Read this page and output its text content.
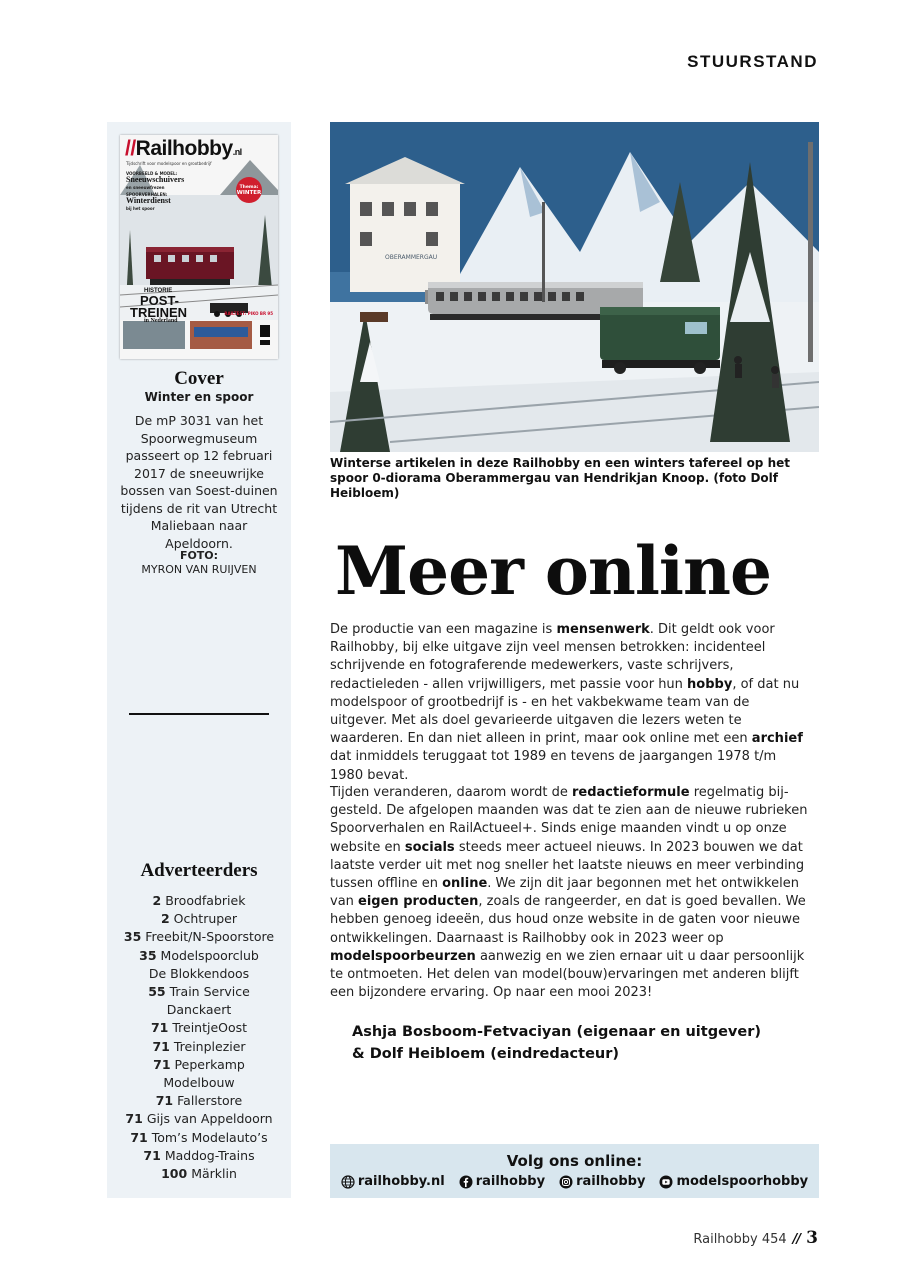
STUURSTAND
//Railhobby.nl
Tijdschrift voor modelspoor en grootbedrijf
VOORBEELD & MODEL:
Sneeuwschuivers
en sneeuwfrezen
SPOORVERHALEN:
Winterdienst
bij het spoor
Thema:
WINTER
HISTORIE
POST-
TREINEN
in Nederland
RAILTEST: PIKO BR 95
Cover
Winter en spoor
De mP 3031 van het Spoorwegmuseum passeert op 12 februari 2017 de sneeuwrijke bossen van Soest-duinen tijdens de rit van Utrecht Maliebaan naar Apeldoorn.
FOTO:
MYRON VAN RUIJVEN
Adverteerders
2 Broodfabriek
2 Ochtruper
35 Freebit/N-Spoorstore
35 Modelspoorclub
De Blokkendoos
55 Train Service
Danckaert
71 TreintjeOost
71 Treinplezier
71 Peperkamp
Modelbouw
71 Fallerstore
71 Gijs van Appeldoorn
71 Tom’s Modelauto’s
71 Maddog-Trains
100 Märklin
OBERAMMERGAU
Winterse artikelen in deze Railhobby en een winters tafereel op het spoor 0-diorama Oberammergau van Hendrikjan Knoop. (foto Dolf Heibloem)
Meer online

De productie van een magazine is mensenwerk. Dit geldt ook voor Railhobby, bij elke uitgave zijn veel mensen betrokken: incidenteel schrijvende en fotograferende medewerkers, vaste schrijvers, redactieleden - allen vrijwilligers, met passie voor hun hobby, of dat nu modelspoor of grootbedrijf is - en het vakbekwame team van de uitgever. Met als doel gevarieerde uitgaven die lezers weten te waarderen. En dan niet alleen in print, maar ook online met een archief dat inmiddels teruggaat tot 1989 en tevens de jaargangen 1978 t/m 1980 bevat.

Tijden veranderen, daarom wordt de redactieformule regelmatig bij-gesteld. De afgelopen maanden was dat te zien aan de nieuwe rubrieken Spoorverhalen en RailActueel+. Sinds enige maanden vindt u op onze website en socials steeds meer actueel nieuws. In 2023 bouwen we dat laatste verder uit met nog sneller het laatste nieuws en meer verbinding tussen offline en online. We zijn dit jaar begonnen met het ontwikkelen van eigen producten, zoals de rangeerder, en dat is goed bevallen. We hebben genoeg ideeën, dus houd onze website in de gaten voor nieuwe ontwikkelingen. Daarnaast is Railhobby ook in 2023 weer op modelspoorbeurzen aanwezig en we zien ernaar uit u daar persoonlijk te ontmoeten. Het delen van model(bouw)ervaringen met anderen blijft een bijzondere ervaring. Op naar een mooi 2023!

Ashja Bosboom-Fetvaciyan (eigenaar en uitgever)
& Dolf Heibloem (eindredacteur)
Volg ons online:
railhobby.nl railhobby railhobby modelspoorhobby
Railhobby 454 // 3
